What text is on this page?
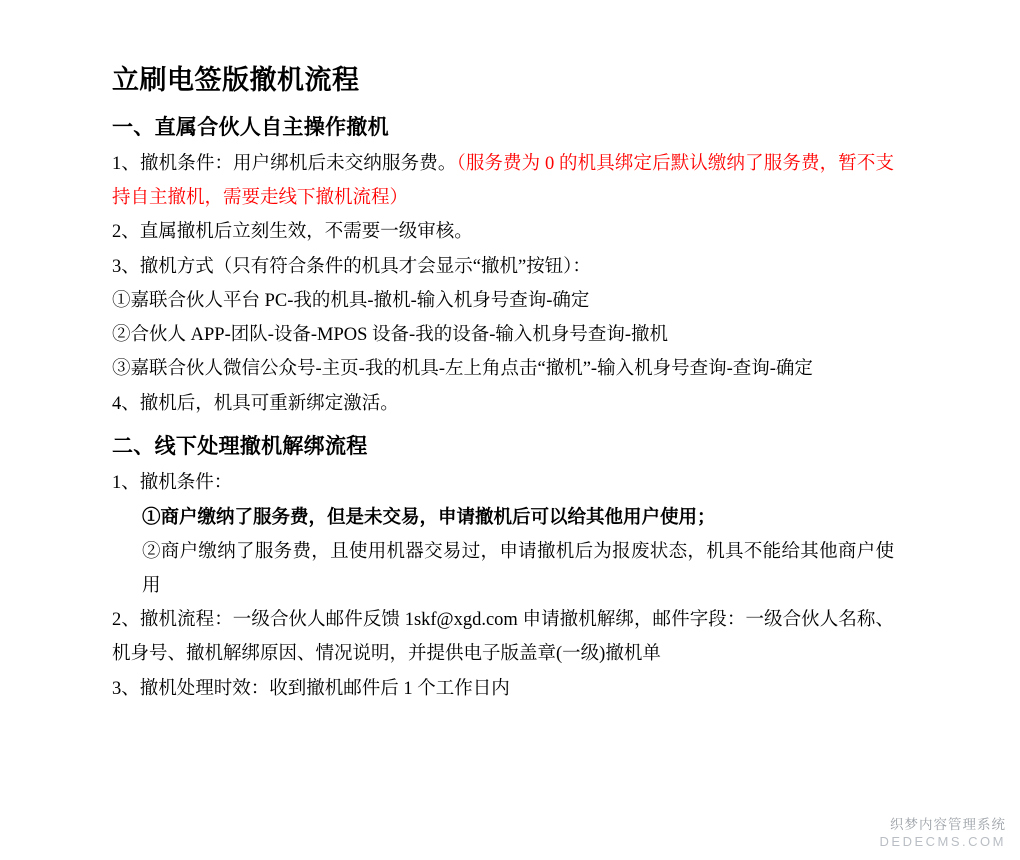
立刷电签版撤机流程
一、直属合伙人自主操作撤机

1、撤机条件：用户绑机后未交纳服务费。（服务费为 0 的机具绑定后默认缴纳了服务费，暂不支持自主撤机，需要走线下撤机流程）

2、直属撤机后立刻生效，不需要一级审核。

3、撤机方式（只有符合条件的机具才会显示“撤机”按钮）：

①嘉联合伙人平台 PC-我的机具-撤机-输入机身号查询-确定

②合伙人 APP-团队-设备-MPOS 设备-我的设备-输入机身号查询-撤机

③嘉联合伙人微信公众号-主页-我的机具-左上角点击“撤机”-输入机身号查询-查询-确定

4、撤机后，机具可重新绑定激活。

二、线下处理撤机解绑流程

1、撤机条件：

①商户缴纳了服务费，但是未交易，申请撤机后可以给其他用户使用；

②商户缴纳了服务费，且使用机器交易过，申请撤机后为报废状态，机具不能给其他商户使用

2、撤机流程：一级合伙人邮件反馈 1skf@xgd.com 申请撤机解绑，邮件字段：一级合伙人名称、机身号、撤机解绑原因、情况说明，并提供电子版盖章(一级)撤机单

3、撤机处理时效：收到撤机邮件后 1 个工作日内

织梦内容管理系统
DEDECMS.COM
